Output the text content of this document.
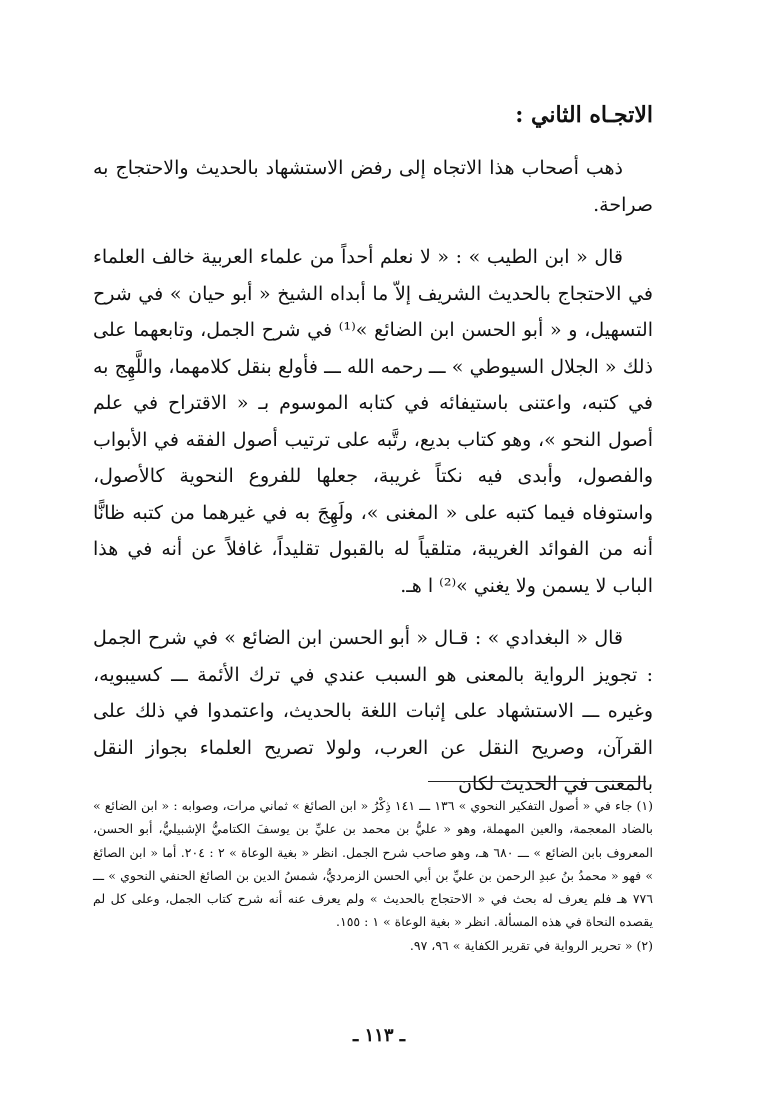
الاتجـاه الثاني :

ذهب أصحاب هذا الاتجاه إلى رفض الاستشهاد بالحديث والاحتجاج به صراحة.

قال « ابن الطيب » : « لا نعلم أحداً من علماء العربية خالف العلماء في الاحتجاج بالحديث الشريف إلاّ ما أبداه الشيخ « أبو حيان » في شرح التسهيل، و « أبو الحسن ابن الضائع »⁽¹⁾ في شرح الجمل، وتابعهما على ذلك « الجلال السيوطي » ـــ رحمه الله ـــ فأولع بنقل كلامهما، واللَّهِج به في كتبه، واعتنى باستيفائه في كتابه الموسوم بـ « الاقتراح في علم أصول النحو »، وهو كتاب بديع، رتَّبه على ترتيب أصول الفقه في الأبواب والفصول، وأبدى فيه نكتاً غريبة، جعلها للفروع النحوية كالأصول، واستوفاه فيما كتبه على « المغنى »، ولَهِجَ به في غيرهما من كتبه ظانًّا أنه من الفوائد الغريبة، متلقياً له بالقبول تقليداً، غافلاً عن أنه في هذا الباب لا يسمن ولا يغني »⁽²⁾ ا هـ.

قال « البغدادي » : قـال « أبو الحسن ابن الضائع » في شرح الجمل : تجويز الرواية بالمعنى هو السبب عندي في ترك الأئمة ـــ كسيبويه، وغيره ـــ الاستشهاد على إثبات اللغة بالحديث، واعتمدوا في ذلك على القرآن، وصريح النقل عن العرب، ولولا تصريح العلماء بجواز النقل بالمعنى في الحديث لكان

(١) جاء في « أصول التفكير النحوي » ١٣٦ ـــ ١٤١ ذِكْرُ « ابن الصائغ » ثماني مرات، وصوابه : « ابن الضائع » بالضاد المعجمة، والعين المهملة، وهو « عليُّ بن محمد بن عليِّ بن يوسفَ الكتاميُّ الإشبيليُّ، أبو الحسن، المعروف بابن الضائع » ـــ ٦٨٠ هـ، وهو صاحب شرح الجمل. انظر « بغية الوعاة » ٢ : ٢٠٤. أما « ابن الصائغ » فهو « محمدُ بنُ عبدِ الرحمن بن عليِّ بن أبي الحسن الزمرديُّ، شمسُ الدين بن الصائغ الحنفي النحوي » ـــ ٧٧٦ هـ فلم يعرف له بحث في « الاحتجاج بالحديث » ولم يعرف عنه أنه شرح كتاب الجمل، وعلى كل لم يقصده النحاة في هذه المسألة. انظر « بغية الوعاة » ١ : ١٥٥.

(٢) « تحرير الرواية في تقرير الكفاية » ٩٦، ٩٧.

ـ ١١٣ ـ
